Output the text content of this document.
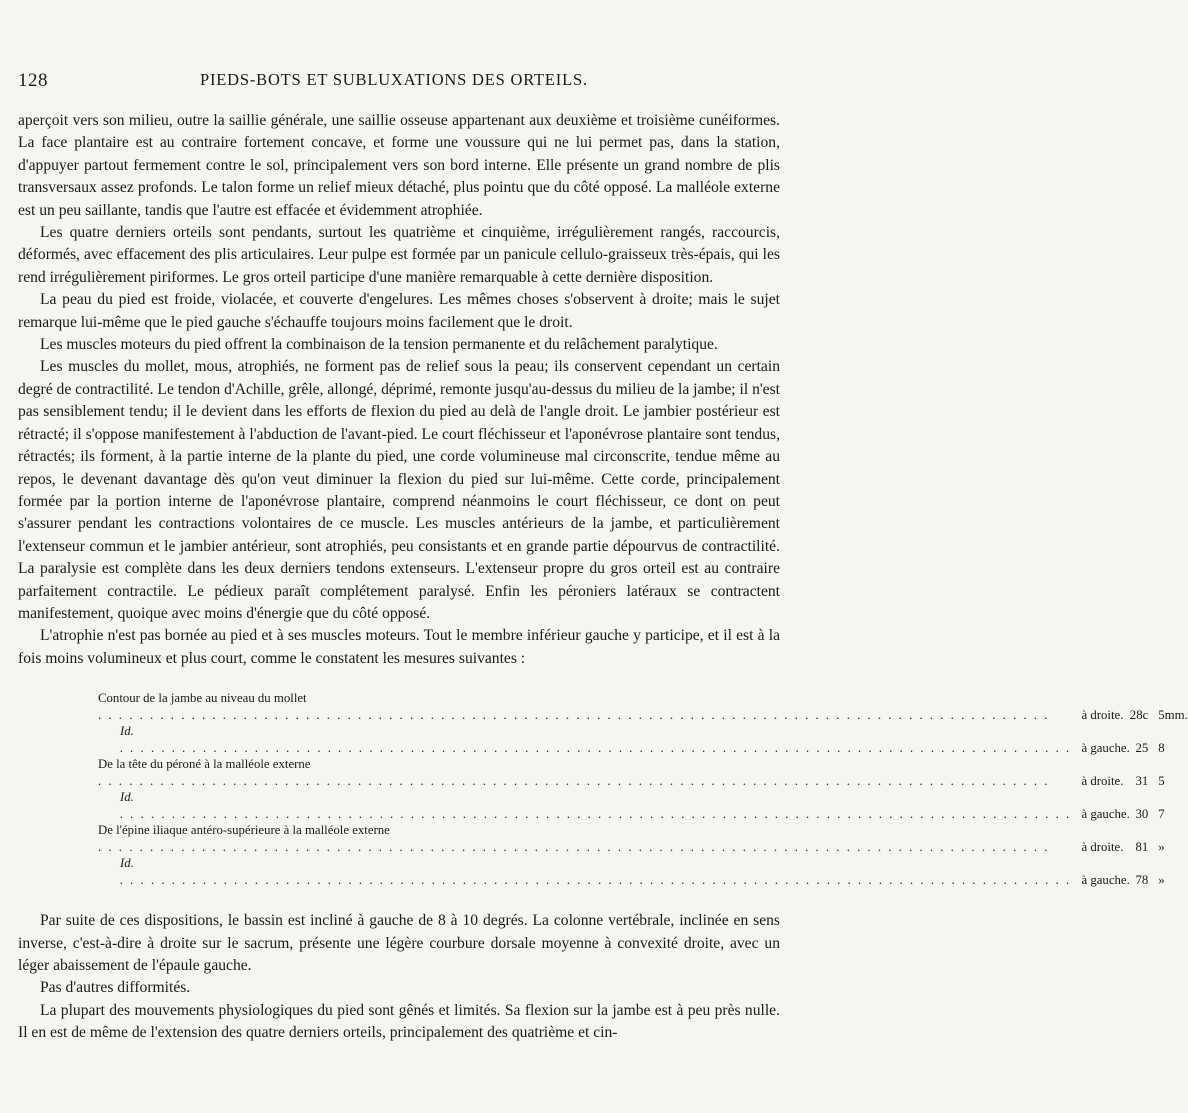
128	PIEDS-BOTS ET SUBLUXATIONS DES ORTEILS.

aperçoit vers son milieu, outre la saillie générale, une saillie osseuse appartenant aux deuxième et troisième cunéiformes. La face plantaire est au contraire fortement concave, et forme une voussure qui ne lui permet pas, dans la station, d'appuyer partout fermement contre le sol, principalement vers son bord interne. Elle présente un grand nombre de plis transversaux assez profonds. Le talon forme un relief mieux détaché, plus pointu que du côté opposé. La malléole externe est un peu saillante, tandis que l'autre est effacée et évidemment atrophiée.

Les quatre derniers orteils sont pendants, surtout les quatrième et cinquième, irrégulièrement rangés, raccourcis, déformés, avec effacement des plis articulaires. Leur pulpe est formée par un panicule cellulo-graisseux très-épais, qui les rend irrégulièrement piriformes. Le gros orteil participe d'une manière remarquable à cette dernière disposition.

La peau du pied est froide, violacée, et couverte d'engelures. Les mêmes choses s'observent à droite; mais le sujet remarque lui-même que le pied gauche s'échauffe toujours moins facilement que le droit.

Les muscles moteurs du pied offrent la combinaison de la tension permanente et du relâchement paralytique.

Les muscles du mollet, mous, atrophiés, ne forment pas de relief sous la peau; ils conservent cependant un certain degré de contractilité. Le tendon d'Achille, grêle, allongé, déprimé, remonte jusqu'au-dessus du milieu de la jambe; il n'est pas sensiblement tendu; il le devient dans les efforts de flexion du pied au delà de l'angle droit. Le jambier postérieur est rétracté; il s'oppose manifestement à l'abduction de l'avant-pied. Le court fléchisseur et l'aponévrose plantaire sont tendus, rétractés; ils forment, à la partie interne de la plante du pied, une corde volumineuse mal circonscrite, tendue même au repos, le devenant davantage dès qu'on veut diminuer la flexion du pied sur lui-même. Cette corde, principalement formée par la portion interne de l'aponévrose plantaire, comprend néanmoins le court fléchisseur, ce dont on peut s'assurer pendant les contractions volontaires de ce muscle. Les muscles antérieurs de la jambe, et particulièrement l'extenseur commun et le jambier antérieur, sont atrophiés, peu consistants et en grande partie dépourvus de contractilité. La paralysie est complète dans les deux derniers tendons extenseurs. L'extenseur propre du gros orteil est au contraire parfaitement contractile. Le pédieux paraît complétement paralysé. Enfin les péroniers latéraux se contractent manifestement, quoique avec moins d'énergie que du côté opposé.

L'atrophie n'est pas bornée au pied et à ses muscles moteurs. Tout le membre inférieur gauche y participe, et il est à la fois moins volumineux et plus court, comme le constatent les mesures suivantes :

Contour de la jambe au niveau du mollet
. . .	à droite.	28c	5mm.
Id.
. . .	à gauche.	25	8
De la tête du péroné à la malléole externe
. . .	à droite.	31	5
Id.
. . .	à gauche.	30	7
De l'épine iliaque antéro-supérieure à la malléole externe
. . .	à droite.	81	»
Id.
. . .	à gauche.	78	»

Par suite de ces dispositions, le bassin est incliné à gauche de 8 à 10 degrés. La colonne vertébrale, inclinée en sens inverse, c'est-à-dire à droite sur le sacrum, présente une légère courbure dorsale moyenne à convexité droite, avec un léger abaissement de l'épaule gauche.

Pas d'autres difformités.

La plupart des mouvements physiologiques du pied sont gênés et limités. Sa flexion sur la jambe est à peu près nulle. Il en est de même de l'extension des quatre derniers orteils, principalement des quatrième et cin-
